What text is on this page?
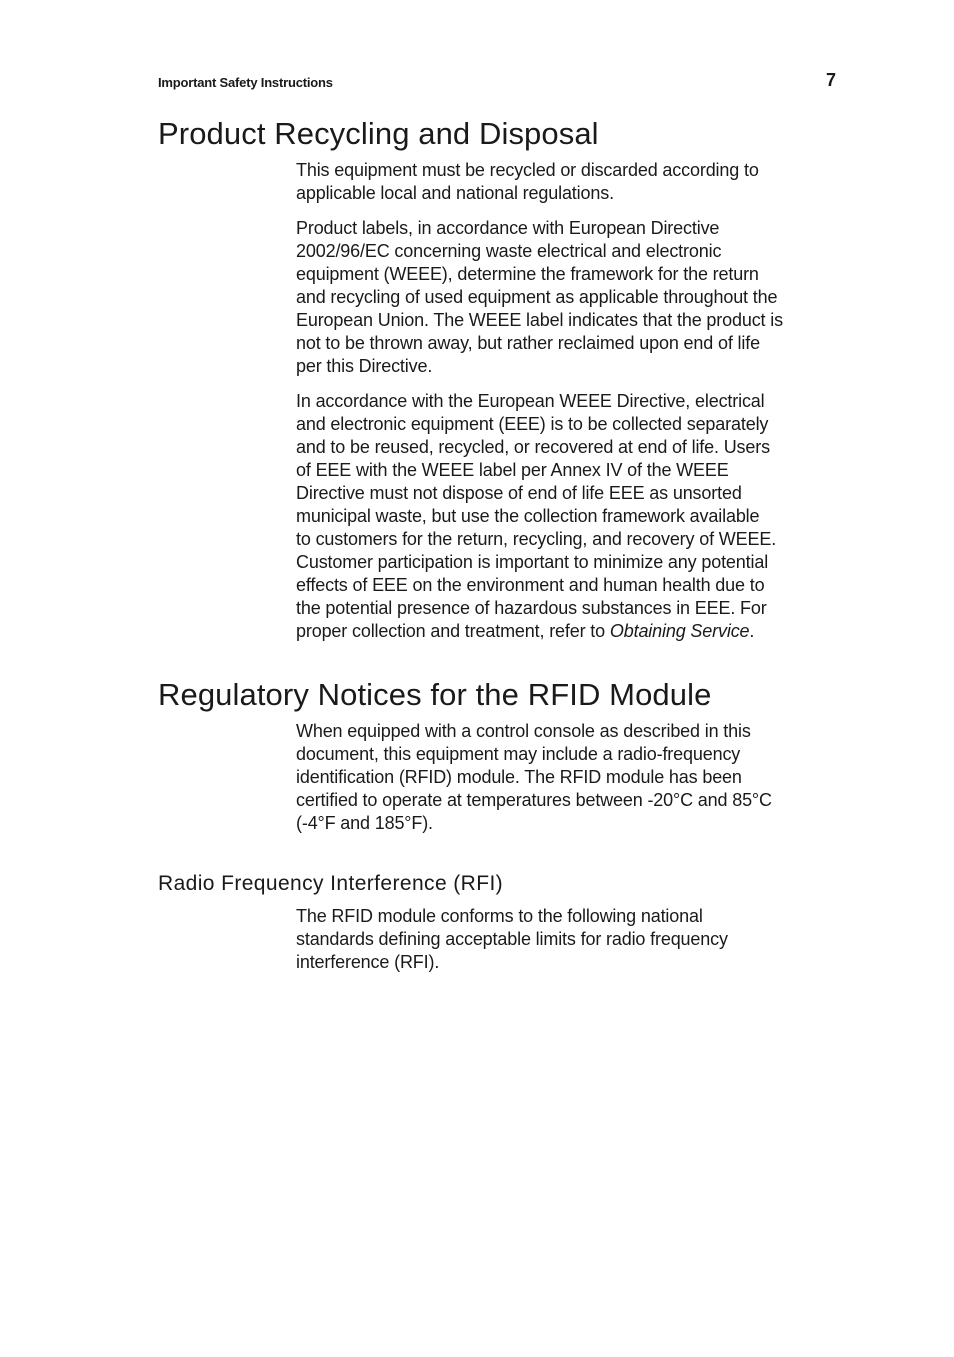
Important Safety Instructions	7
Product Recycling and Disposal

This equipment must be recycled or discarded according to
applicable local and national regulations.

Product labels, in accordance with European Directive
2002/96/EC concerning waste electrical and electronic
equipment (WEEE), determine the framework for the return
and recycling of used equipment as applicable throughout the
European Union. The WEEE label indicates that the product is
not to be thrown away, but rather reclaimed upon end of life
per this Directive.

In accordance with the European WEEE Directive, electrical
and electronic equipment (EEE) is to be collected separately
and to be reused, recycled, or recovered at end of life. Users
of EEE with the WEEE label per Annex IV of the WEEE
Directive must not dispose of end of life EEE as unsorted
municipal waste, but use the collection framework available
to customers for the return, recycling, and recovery of WEEE.
Customer participation is important to minimize any potential
effects of EEE on the environment and human health due to
the potential presence of hazardous substances in EEE. For
proper collection and treatment, refer to Obtaining Service.

Regulatory Notices for the RFID Module

When equipped with a control console as described in this
document, this equipment may include a radio-frequency
identification (RFID) module. The RFID module has been
certified to operate at temperatures between -20°C and 85°C
(-4°F and 185°F).

Radio Frequency Interference (RFI)

The RFID module conforms to the following national
standards defining acceptable limits for radio frequency
interference (RFI).
